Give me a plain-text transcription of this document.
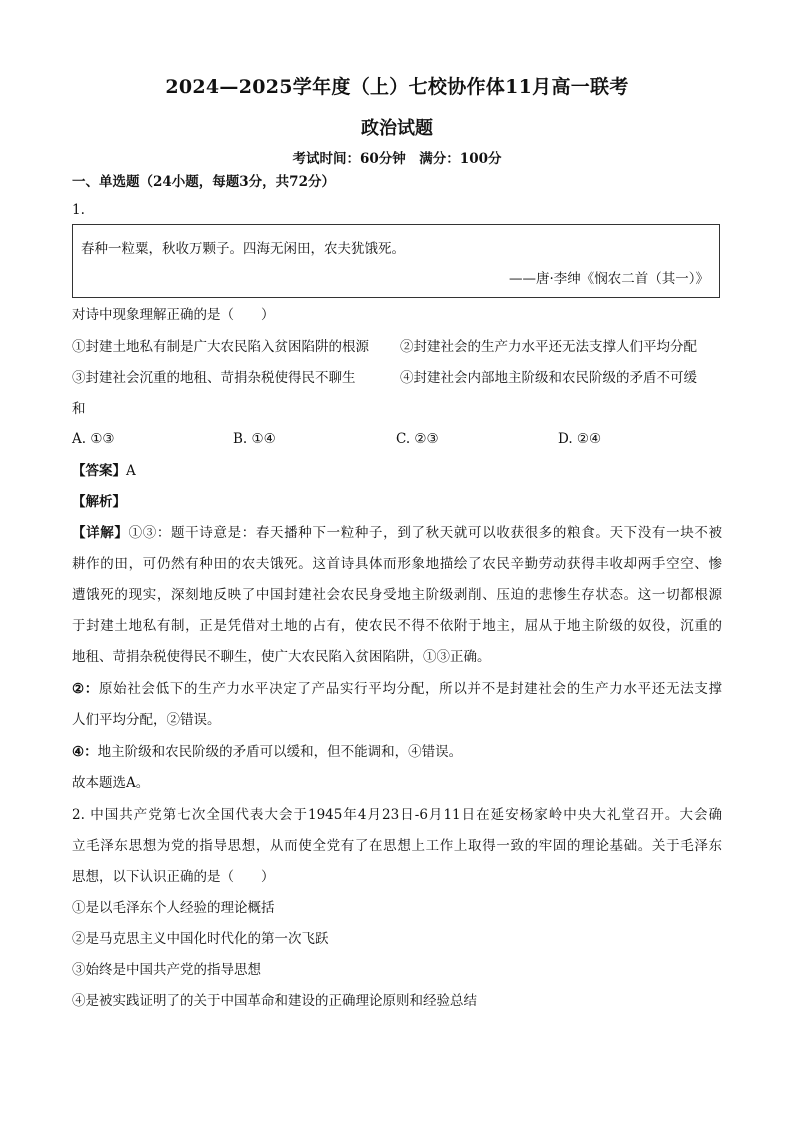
2024—2025学年度（上）七校协作体11月高一联考
政治试题
考试时间：60分钟　满分：100分
一、单选题（24小题，每题3分，共72分）
1.
春种一粒粟，秋收万颗子。四海无闲田，农夫犹饿死。
——唐·李绅《悯农二首（其一）》
对诗中现象理解正确的是（　　）
①封建土地私有制是广大农民陷入贫困陷阱的根源 ②封建社会的生产力水平还无法支撑人们平均分配
③封建社会沉重的地租、苛捐杂税使得民不聊生	④封建社会内部地主阶级和农民阶级的矛盾不可缓
和
A. ①③	B. ①④	C. ②③	D. ②④
【答案】A
【解析】
【详解】①③：题干诗意是：春天播种下一粒种子，到了秋天就可以收获很多的粮食。天下没有一块不被
耕作的田，可仍然有种田的农夫饿死。这首诗具体而形象地描绘了农民辛勤劳动获得丰收却两手空空、惨
遭饿死的现实，深刻地反映了中国封建社会农民身受地主阶级剥削、压迫的悲惨生存状态。这一切都根源
于封建土地私有制，正是凭借对土地的占有，使农民不得不依附于地主，屈从于地主阶级的奴役，沉重的
地租、苛捐杂税使得民不聊生，使广大农民陷入贫困陷阱，①③正确。
②：原始社会低下的生产力水平决定了产品实行平均分配，所以并不是封建社会的生产力水平还无法支撑
人们平均分配，②错误。
④：地主阶级和农民阶级的矛盾可以缓和，但不能调和，④错误。
故本题选A。
2. 中国共产党第七次全国代表大会于1945年4月23日-6月11日在延安杨家岭中央大礼堂召开。大会确
立毛泽东思想为党的指导思想，从而使全党有了在思想上工作上取得一致的牢固的理论基础。关于毛泽东
思想，以下认识正确的是（　　）
①是以毛泽东个人经验的理论概括
②是马克思主义中国化时代化的第一次飞跃
③始终是中国共产党的指导思想
④是被实践证明了的关于中国革命和建设的正确理论原则和经验总结
